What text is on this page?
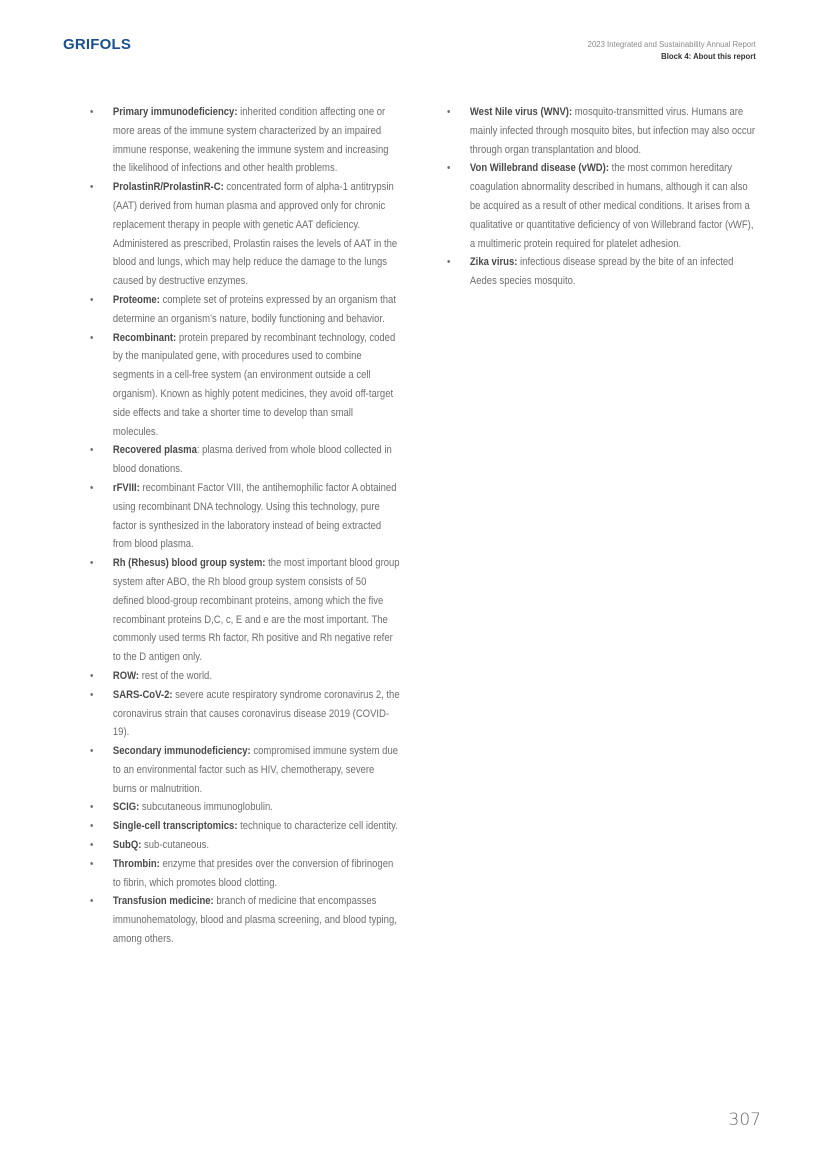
GRIFOLS	2023 Integrated and Sustainability Annual Report
Block 4: About this report
• Primary immunodeficiency: inherited condition affecting one or more areas of the immune system characterized by an impaired immune response, weakening the immune system and increasing the likelihood of infections and other health problems.
• ProlastinR/ProlastinR-C: concentrated form of alpha-1 antitrypsin (AAT) derived from human plasma and approved only for chronic replacement therapy in people with genetic AAT deficiency. Administered as prescribed, Prolastin raises the levels of AAT in the blood and lungs, which may help reduce the damage to the lungs caused by destructive enzymes.
• Proteome: complete set of proteins expressed by an organism that determine an organism’s nature, bodily functioning and behavior.
• Recombinant: protein prepared by recombinant technology, coded by the manipulated gene, with procedures used to combine segments in a cell-free system (an environment outside a cell organism). Known as highly potent medicines, they avoid off-target side effects and take a shorter time to develop than small molecules.
• Recovered plasma: plasma derived from whole blood collected in blood donations.
• rFVIII: recombinant Factor VIII, the antihemophilic factor A obtained using recombinant DNA technology. Using this technology, pure factor is synthesized in the laboratory instead of being extracted from blood plasma.
• Rh (Rhesus) blood group system: the most important blood group system after ABO, the Rh blood group system consists of 50 defined blood-group recombinant proteins, among which the five recombinant proteins D,C, c, E and e are the most important. The commonly used terms Rh factor, Rh positive and Rh negative refer to the D antigen only.
• ROW: rest of the world.
• SARS-CoV-2: severe acute respiratory syndrome coronavirus 2, the coronavirus strain that causes coronavirus disease 2019 (COVID-19).
• Secondary immunodeficiency: compromised immune system due to an environmental factor such as HIV, chemotherapy, severe burns or malnutrition.
• SCIG: subcutaneous immunoglobulin.
• Single-cell transcriptomics: technique to characterize cell identity.
• SubQ: sub-cutaneous.
• Thrombin: enzyme that presides over the conversion of fibrinogen to fibrin, which promotes blood clotting.
• Transfusion medicine: branch of medicine that encompasses immunohematology, blood and plasma screening, and blood typing, among others.
• West Nile virus (WNV): mosquito-transmitted virus. Humans are mainly infected through mosquito bites, but infection may also occur through organ transplantation and blood.
• Von Willebrand disease (vWD): the most common hereditary coagulation abnormality described in humans, although it can also be acquired as a result of other medical conditions. It arises from a qualitative or quantitative deficiency of von Willebrand factor (vWF), a multimeric protein required for platelet adhesion.
• Zika virus: infectious disease spread by the bite of an infected Aedes species mosquito.
307
